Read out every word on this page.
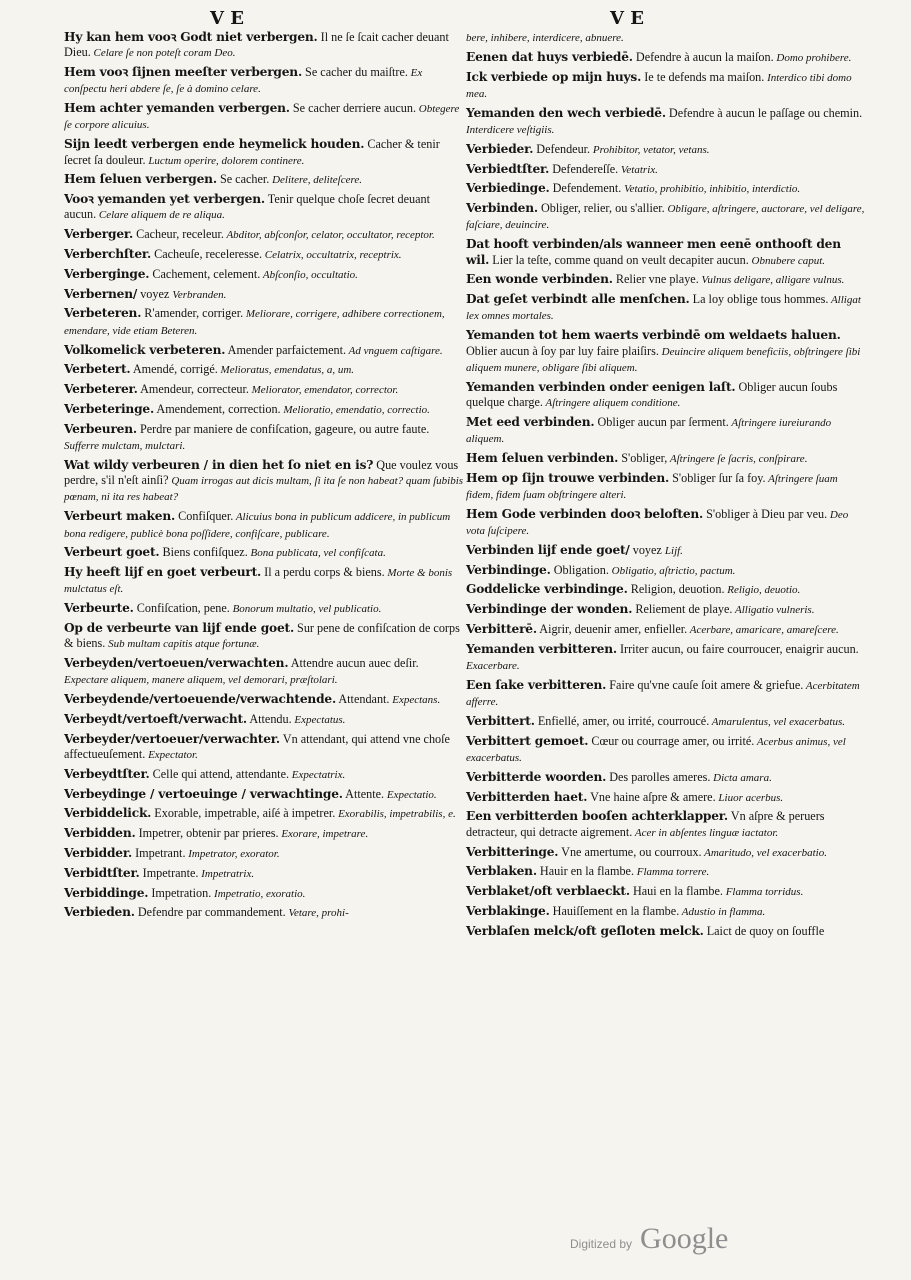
V E	V E

Hy kan hem vooꝛ Godt niet verbergen. Il ne ſe ſcait cacher deuant Dieu. Celare ſe non poteſt coram Deo.

Hem vooꝛ ſijnen meeſter verbergen. Se cacher du maiſtre. Ex conſpectu heri abdere ſe, ſe à domino celare.

Hem achter yemanden verbergen. Se cacher derriere aucun. Obtegere ſe corpore alicuius.

Sijn leedt verbergen ende heymelick houden. Cacher & tenir ſecret ſa douleur. Luctum operire, dolorem continere.

Hem ſeluen verbergen. Se cacher. Delitere, deliteſcere.

Vooꝛ yemanden yet verbergen. Tenir quelque choſe ſecret deuant aucun. Celare aliquem de re aliqua.

Verberger. Cacheur, receleur. Abditor, abſconſor, celator, occultator, receptor.

Verberchſter. Cacheuſe, receleresse. Celatrix, occultatrix, receptrix.

Verberginge. Cachement, celement. Abſconſio, occultatio.

Verbernen/ voyez Verbranden.

Verbeteren. R'amender, corriger. Meliorare, corrigere, adhibere correctionem, emendare, vide etiam Beteren.

Volkomelick verbeteren. Amender parfaictement. Ad vnguem caſtigare.

Verbetert. Amendé, corrigé. Melioratus, emendatus, a, um.

Verbeterer. Amendeur, correcteur. Meliorator, emendator, corrector.

Verbeteringe. Amendement, correction. Melioratio, emendatio, correctio.

Verbeuren. Perdre par maniere de confiſcation, gageure, ou autre faute. Sufferre mulctam, mulctari.

Wat wildy verbeuren / in dien het ſo niet en is? Que voulez vous perdre, s'il n'eſt ainſi? Quam irrogas aut dicis multam, ſi ita ſe non habeat? quam ſubibis pœnam, ni ita res habeat?

Verbeurt maken. Confiſquer. Alicuius bona in publicum addicere, in publicum bona redigere, publicè bona poſſidere, confiſcare, publicare.

Verbeurt goet. Biens confiſquez. Bona publicata, vel confiſcata.

Hy heeft lijf en goet verbeurt. Il a perdu corps & biens. Morte & bonis mulctatus eſt.

Verbeurte. Confiſcation, pene. Bonorum multatio, vel publicatio.

Op de verbeurte van lijf ende goet. Sur pene de confiſcation de corps & biens. Sub multam capitis atque fortunæ.

Verbeyden/vertoeuen/verwachten. Attendre aucun auec deſir. Expectare aliquem, manere aliquem, vel demorari, præſtolari.

Verbeydende/vertoeuende/verwachtende. Attendant. Expectans.

Verbeydt/vertoeft/verwacht. Attendu. Expectatus.

Verbeyder/vertoeuer/verwachter. Vn attendant, qui attend vne choſe affectueuſement. Expectator.

Verbeydtſter. Celle qui attend, attendante. Expectatrix.

Verbeydinge / vertoeuinge / verwachtinge. Attente. Expectatio.

Verbiddelick. Exorable, impetrable, aiſé à impetrer. Exorabilis, impetrabilis, e.

Verbidden. Impetrer, obtenir par prieres. Exorare, impetrare.

Verbidder. Impetrant. Impetrator, exorator.

Verbidtſter. Impetrante. Impetratrix.

Verbiddinge. Impetration. Impetratio, exoratio.

Verbieden. Defendre par commandement. Vetare, prohi-

bere, inhibere, interdicere, abnuere.

Eenen dat huys verbiedē. Defendre à aucun la maiſon. Domo prohibere.

Ick verbiede op mijn huys. Ie te defends ma maiſon. Interdico tibi domo mea.

Yemanden den wech verbiedē. Defendre à aucun le paſſage ou chemin. Interdicere veſtigiis.

Verbieder. Defendeur. Prohibitor, vetator, vetans.

Verbiedtſter. Defendereſſe. Vetatrix.

Verbiedinge. Defendement. Vetatio, prohibitio, inhibitio, interdictio.

Verbinden. Obliger, relier, ou s'allier. Obligare, aſtringere, auctorare, vel deligare, faſciare, deuincire.

Dat hooft verbinden/als wanneer men eenē onthooft den wil. Lier la teſte, comme quand on veult decapiter aucun. Obnubere caput.

Een wonde verbinden. Relier vne playe. Vulnus deligare, alligare vulnus.

Dat geſet verbindt alle menſchen. La loy oblige tous hommes. Alligat lex omnes mortales.

Yemanden tot hem waerts verbindē om weldaets haluen. Oblier aucun à ſoy par luy faire plaiſirs. Deuincire aliquem beneficiis, obſtringere ſibi aliquem munere, obligare ſibi aliquem.

Yemanden verbinden onder eenigen laſt. Obliger aucun ſoubs quelque charge. Aſtringere aliquem conditione.

Met eed verbinden. Obliger aucun par ſerment. Aſtringere iureiurando aliquem.

Hem ſeluen verbinden. S'obliger, Aſtringere ſe ſacris, conſpirare.

Hem op ſijn trouwe verbinden. S'obliger ſur ſa foy. Aſtringere ſuam fidem, fidem ſuam obſtringere alteri.

Hem Gode verbinden dooꝛ beloften. S'obliger à Dieu par veu. Deo vota ſuſcipere.

Verbinden lijf ende goet/ voyez Lijf.

Verbindinge. Obligation. Obligatio, aſtrictio, pactum.

Goddelicke verbindinge. Religion, deuotion. Religio, deuotio.

Verbindinge der wonden. Reliement de playe. Alligatio vulneris.

Verbitterē. Aigrir, deuenir amer, enfieller. Acerbare, amaricare, amareſcere.

Yemanden verbitteren. Irriter aucun, ou faire courroucer, enaigrir aucun. Exacerbare.

Een ſake verbitteren. Faire qu'vne cauſe ſoit amere & griefue. Acerbitatem afferre.

Verbittert. Enfiellé, amer, ou irrité, courroucé. Amarulentus, vel exacerbatus.

Verbittert gemoet. Cœur ou courrage amer, ou irrité. Acerbus animus, vel exacerbatus.

Verbitterde woorden. Des parolles ameres. Dicta amara.

Verbitterden haet. Vne haine aſpre & amere. Liuor acerbus.

Een verbitterden booſen achterklapper. Vn aſpre & peruers detracteur, qui detracte aigrement. Acer in abſentes linguæ iactator.

Verbitteringe. Vne amertume, ou courroux. Amaritudo, vel exacerbatio.

Verblaken. Hauir en la flambe. Flamma torrere.

Verblaket/oft verblaeckt. Haui en la flambe. Flamma torridus.

Verblakinge. Hauiſſement en la flambe. Adustio in flamma.

Verblaſen melck/oft geſloten melck. Laict de quoy on ſouffle

Digitized by Google
